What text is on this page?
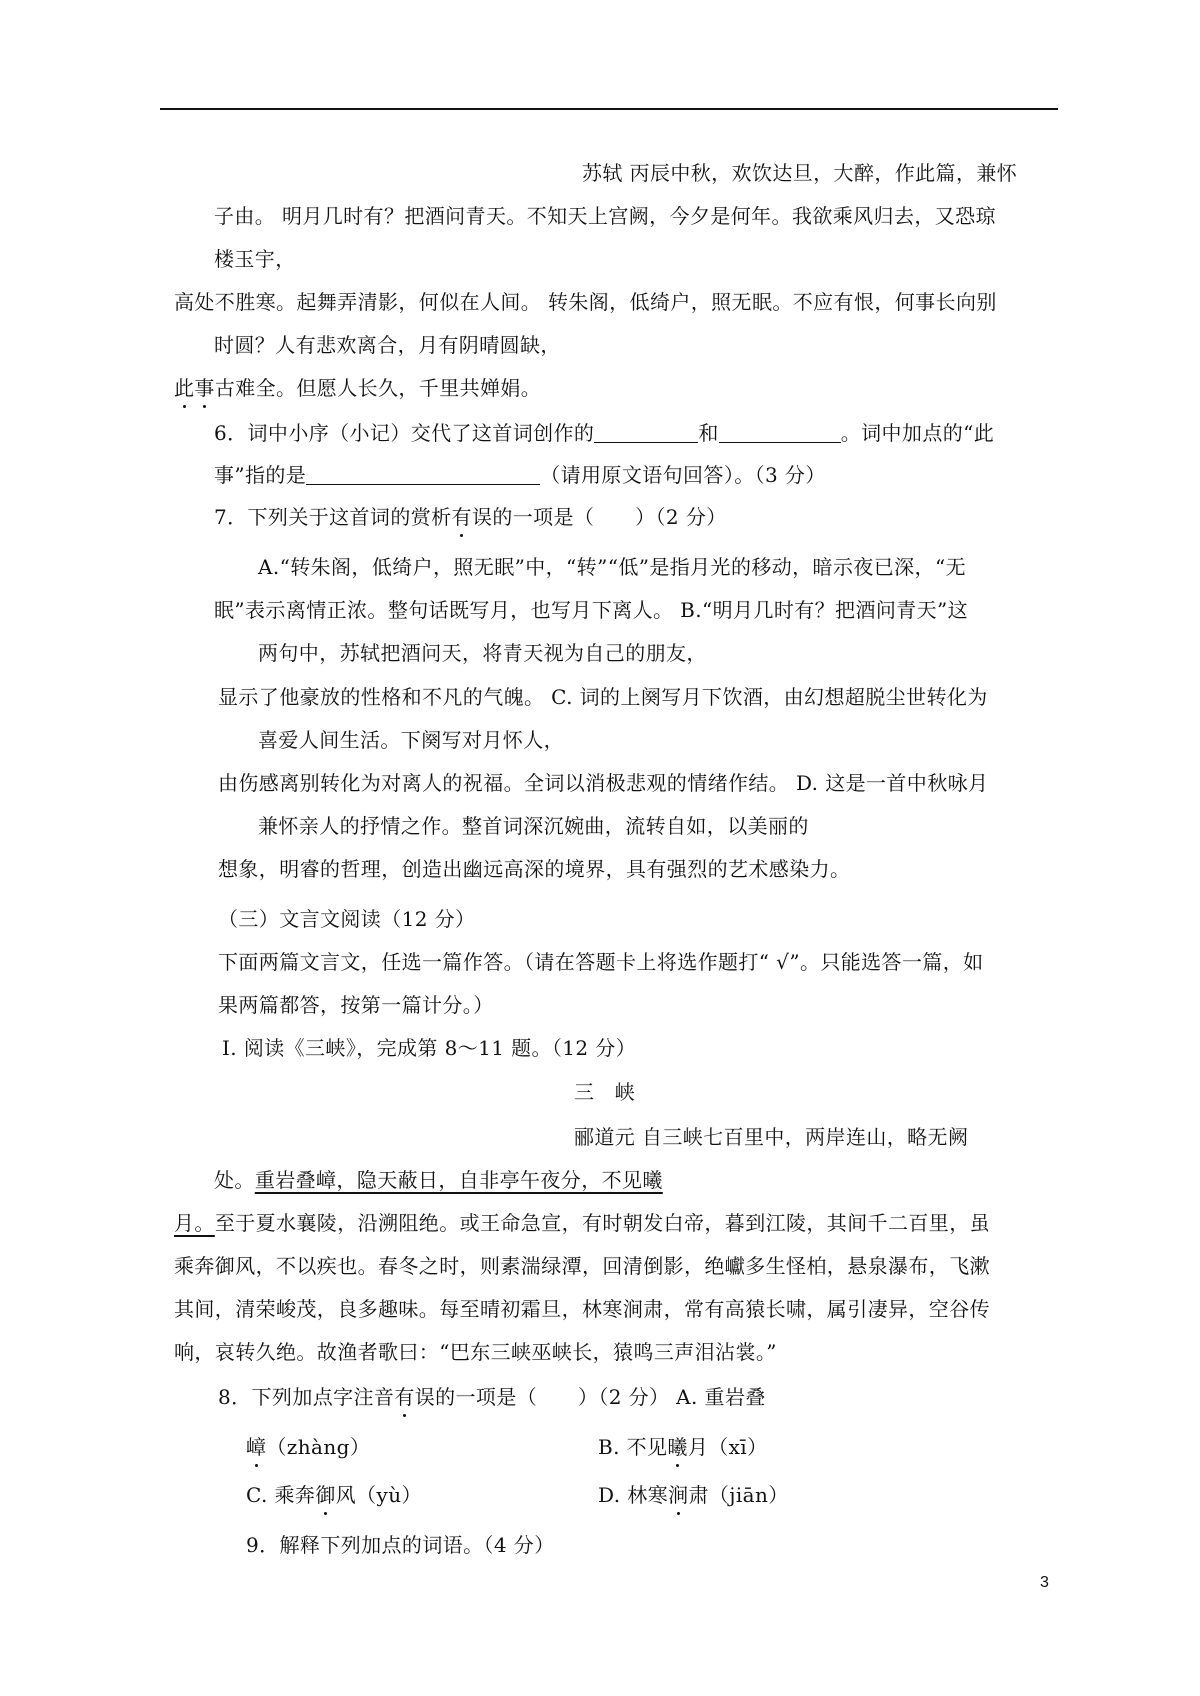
苏轼 丙辰中秋，欢饮达旦，大醉，作此篇，兼怀
子由。 明月几时有？把酒问青天。不知天上宫阙，今夕是何年。我欲乘风归去，又恐琼
楼玉宇，
高处不胜寒。起舞弄清影，何似在人间。 转朱阁，低绮户，照无眠。不应有恨，何事长向别
时圆？人有悲欢离合，月有阴晴圆缺，
此事古难全。但愿人长久，千里共婵娟。
6．词中小序（小记）交代了这首词创作的	和	。词中加点的“此
事”指的是	（请用原文语句回答）。（3 分）
7．下列关于这首词的赏析有误的一项是（　　）（2 分）
A.“转朱阁，低绮户，照无眠”中，“转”“低”是指月光的移动，暗示夜已深，“无
眠”表示离情正浓。整句话既写月，也写月下离人。 B.“明月几时有？把酒问青天”这
两句中，苏轼把酒问天，将青天视为自己的朋友，
显示了他豪放的性格和不凡的气魄。 C. 词的上阕写月下饮酒，由幻想超脱尘世转化为
喜爱人间生活。下阕写对月怀人，
由伤感离别转化为对离人的祝福。全词以消极悲观的情绪作结。 D. 这是一首中秋咏月
兼怀亲人的抒情之作。整首词深沉婉曲，流转自如，以美丽的
想象，明睿的哲理，创造出幽远高深的境界，具有强烈的艺术感染力。
（三）文言文阅读（12 分）
下面两篇文言文，任选一篇作答。（请在答题卡上将选作题打“ √”。只能选答一篇，如
果两篇都答，按第一篇计分。）
Ⅰ. 阅读《三峡》，完成第 8～11 题。（12 分）
三　峡
郦道元 自三峡七百里中，两岸连山，略无阙
处。重岩叠嶂，隐天蔽日，自非亭午夜分，不见曦
月。至于夏水襄陵，沿溯阻绝。或王命急宣，有时朝发白帝，暮到江陵，其间千二百里，虽
乘奔御风，不以疾也。春冬之时，则素湍绿潭，回清倒影，绝巘多生怪柏，悬泉瀑布，飞漱
其间，清荣峻茂，良多趣味。每至晴初霜旦，林寒涧肃，常有高猿长啸，属引凄异，空谷传
响，哀转久绝。故渔者歌曰：“巴东三峡巫峡长，猿鸣三声泪沾裳。”
8．下列加点字注音有误的一项是（　　）（2 分） A. 重岩叠
嶂（zhàng）	B. 不见曦月（xī）
C. 乘奔御风（yù）	D. 林寒涧肃（jiān）
9．解释下列加点的词语。（4 分）
3
